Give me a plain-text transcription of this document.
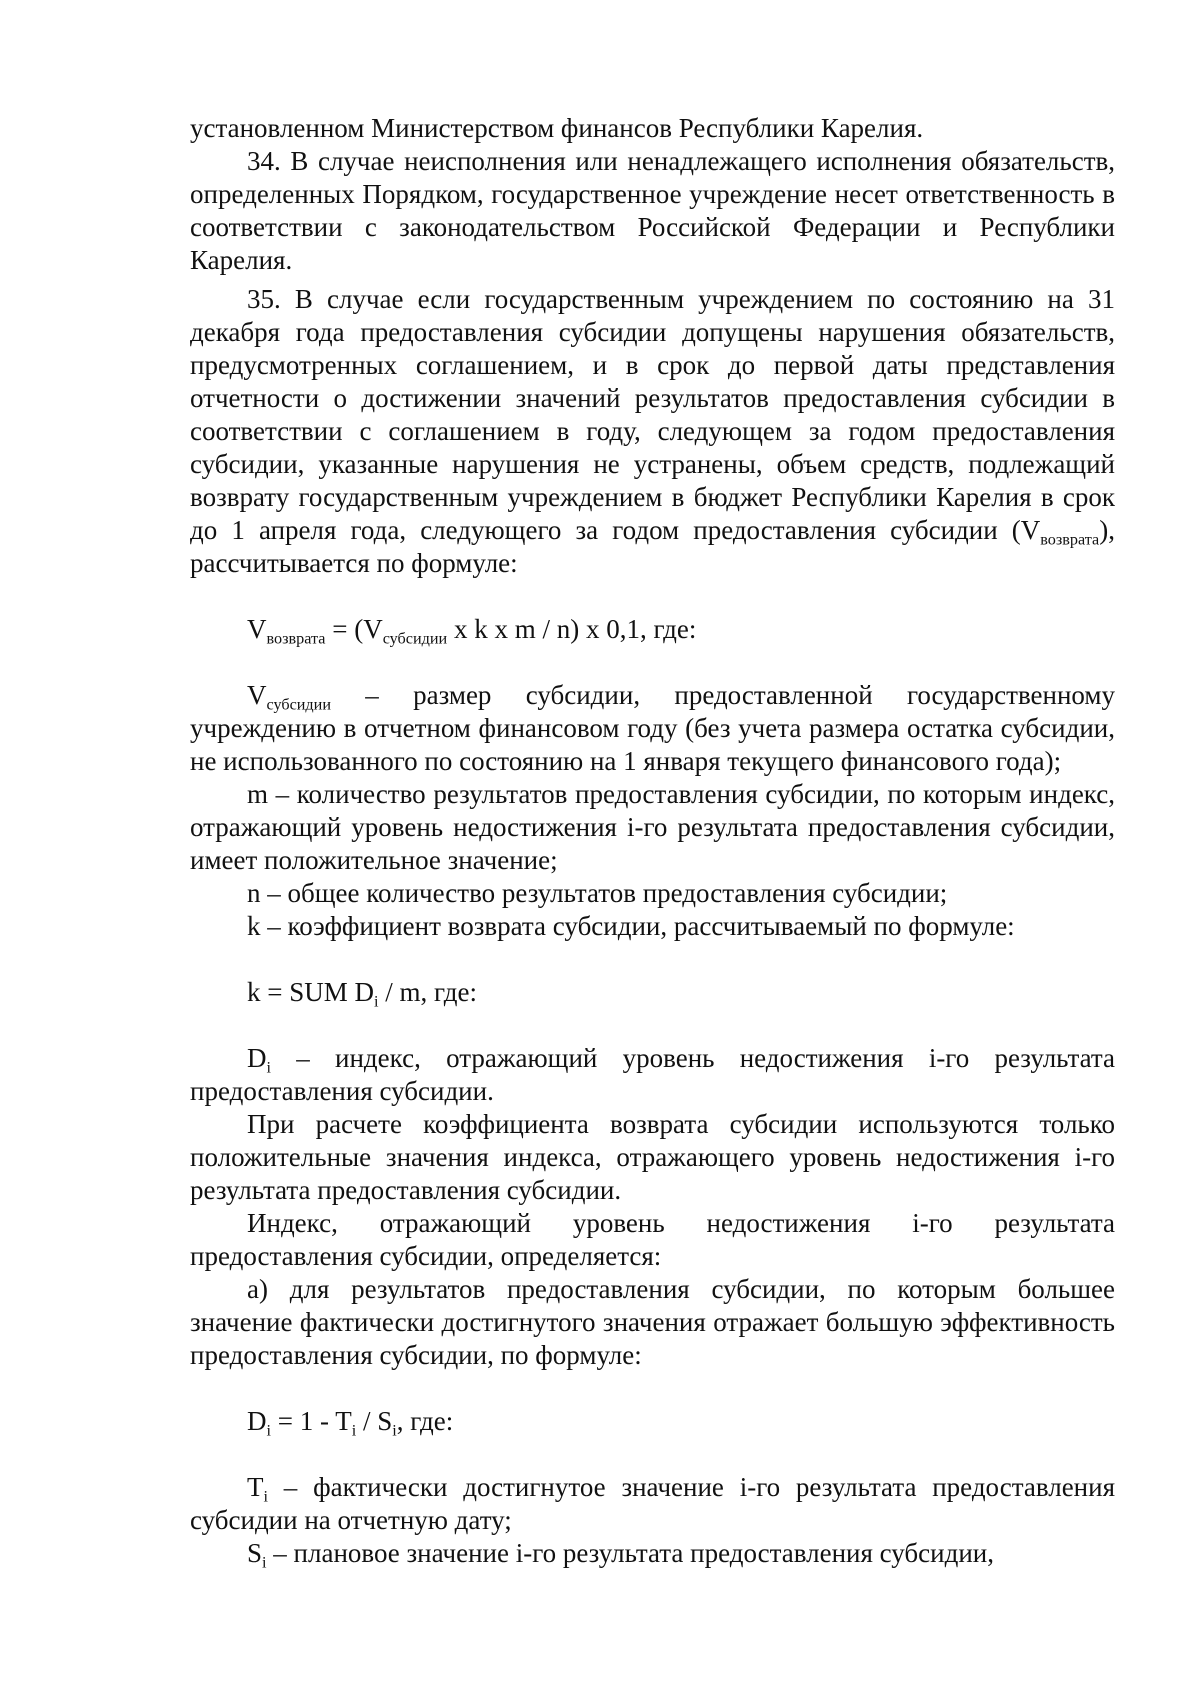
установленном Министерством финансов Республики Карелия.

34. В случае неисполнения или ненадлежащего исполнения обязательств, определенных Порядком, государственное учреждение несет ответственность в соответствии с законодательством Российской Федерации и Республики Карелия.

35. В случае если государственным учреждением по состоянию на 31 декабря года предоставления субсидии допущены нарушения обязательств, предусмотренных соглашением, и в срок до первой даты представления отчетности о достижении значений результатов предоставления субсидии в соответствии с соглашением в году, следующем за годом предоставления субсидии, указанные нарушения не устранены, объем средств, подлежащий возврату государственным учреждением в бюджет Республики Карелия в срок до 1 апреля года, следующего за годом предоставления субсидии $(V_{возврата})$, рассчитывается по формуле:

$V_{возврата} = (V_{субсидии}$ x k x m / n) x 0,1, где:

$V_{субсидии}$ – размер субсидии, предоставленной государственному учреждению в отчетном финансовом году (без учета размера остатка субсидии, не использованного по состоянию на 1 января текущего финансового года);

m – количество результатов предоставления субсидии, по которым индекс, отражающий уровень недостижения i-го результата предоставления субсидии, имеет положительное значение;

n – общее количество результатов предоставления субсидии;

k – коэффициент возврата субсидии, рассчитываемый по формуле:

k = SUM $D_i$ / m, где:

$D_i$ – индекс, отражающий уровень недостижения i-го результата предоставления субсидии.

При расчете коэффициента возврата субсидии используются только положительные значения индекса, отражающего уровень недостижения i-го результата предоставления субсидии.

Индекс, отражающий уровень недостижения i-го результата предоставления субсидии, определяется:

а) для результатов предоставления субсидии, по которым большее значение фактически достигнутого значения отражает большую эффективность предоставления субсидии, по формуле:

$D_i = 1 - T_i / S_i$, где:

$T_i$ – фактически достигнутое значение i-го результата предоставления субсидии на отчетную дату;

$S_i$ – плановое значение i-го результата предоставления субсидии,
